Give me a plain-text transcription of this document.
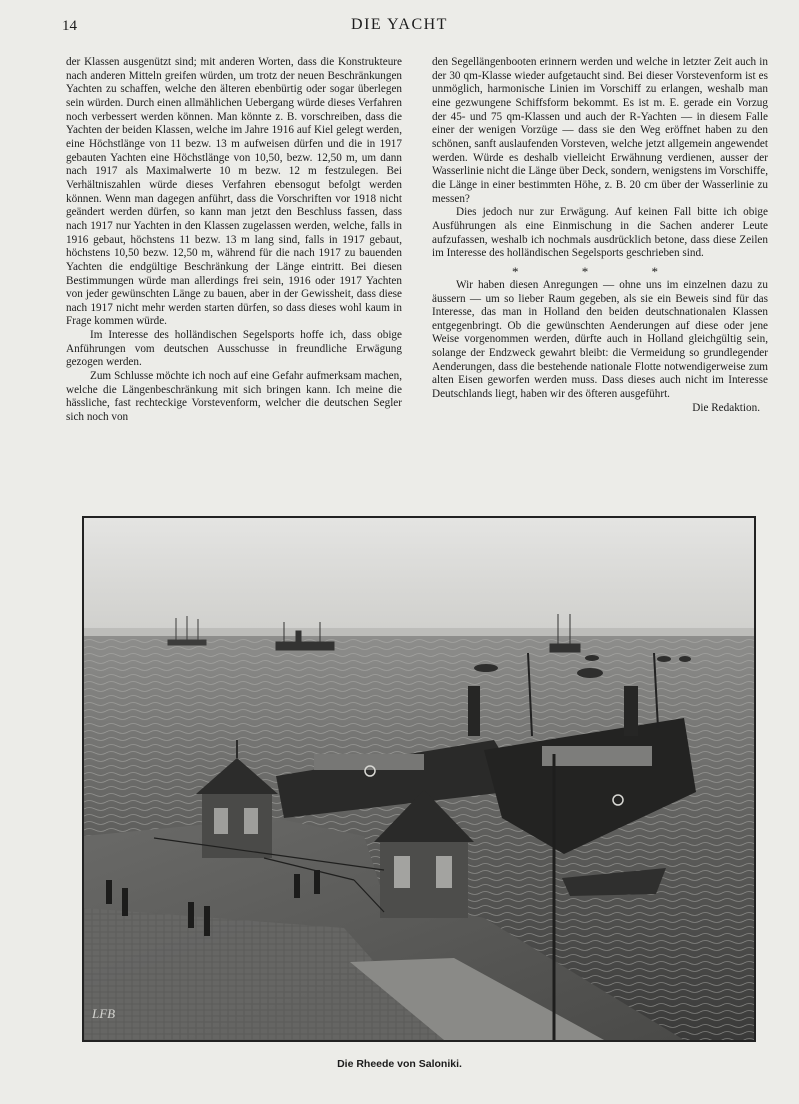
14	DIE YACHT

der Klassen ausgenützt sind; mit anderen Worten, dass die Konstrukteure nach anderen Mitteln greifen würden, um trotz der neuen Beschränkungen Yachten zu schaffen, welche den älteren ebenbürtig oder sogar überlegen sein würden. Durch einen allmählichen Uebergang würde dieses Verfahren noch verbessert werden können. Man könnte z. B. vorschreiben, dass die Yachten der beiden Klassen, welche im Jahre 1916 auf Kiel gelegt werden, eine Höchstlänge von 11 bezw. 13 m aufweisen dürfen und die in 1917 gebauten Yachten eine Höchstlänge von 10,50, bezw. 12,50 m, um dann nach 1917 als Maximalwerte 10 m bezw. 12 m festzulegen. Bei Verhältniszahlen würde dieses Verfahren ebensogut befolgt werden können. Wenn man dagegen anführt, dass die Vorschriften vor 1918 nicht geändert werden dürfen, so kann man jetzt den Beschluss fassen, dass nach 1917 nur Yachten in den Klassen zugelassen werden, welche, falls in 1916 gebaut, höchstens 11 bezw. 13 m lang sind, falls in 1917 gebaut, höchstens 10,50 bezw. 12,50 m, während für die nach 1917 zu bauenden Yachten die endgültige Beschränkung der Länge eintritt. Bei diesen Bestimmungen würde man allerdings frei sein, 1916 oder 1917 Yachten von jeder gewünschten Länge zu bauen, aber in der Gewissheit, dass diese nach 1917 nicht mehr werden starten dürfen, so dass dieses wohl kaum in Frage kommen würde.

Im Interesse des holländischen Segelsports hoffe ich, dass obige Anführungen vom deutschen Ausschusse in freundliche Erwägung gezogen werden.

Zum Schlusse möchte ich noch auf eine Gefahr aufmerksam machen, welche die Längenbeschränkung mit sich bringen kann. Ich meine die hässliche, fast rechteckige Vorstevenform, welcher die deutschen Segler sich noch von

den Segellängenbooten erinnern werden und welche in letzter Zeit auch in der 30 qm-Klasse wieder aufgetaucht sind. Bei dieser Vorstevenform ist es unmöglich, harmonische Linien im Vorschiff zu erlangen, weshalb man eine gezwungene Schiffsform bekommt. Es ist m. E. gerade ein Vorzug der 45- und 75 qm-Klassen und auch der R-Yachten — in diesem Falle einer der wenigen Vorzüge — dass sie den Weg eröffnet haben zu den schönen, sanft auslaufenden Vorsteven, welche jetzt allgemein angewendet werden. Würde es deshalb vielleicht Erwähnung verdienen, ausser der Wasserlinie nicht die Länge über Deck, sondern, wenigstens im Vorschiffe, die Länge in einer bestimmten Höhe, z. B. 20 cm über der Wasserlinie zu messen?

Dies jedoch nur zur Erwägung. Auf keinen Fall bitte ich obige Ausführungen als eine Einmischung in die Sachen anderer Leute aufzufassen, weshalb ich nochmals ausdrücklich betone, dass diese Zeilen im Interesse des holländischen Segelsports geschrieben sind.

* * *

Wir haben diesen Anregungen — ohne uns im einzelnen dazu zu äussern — um so lieber Raum gegeben, als sie ein Beweis sind für das Interesse, das man in Holland den beiden deutschnationalen Klassen entgegenbringt. Ob die gewünschten Aenderungen auf diese oder jene Weise vorgenommen werden, dürfte auch in Holland gleichgültig sein, solange der Endzweck gewahrt bleibt: die Vermeidung so grundlegender Aenderungen, dass die bestehende nationale Flotte notwendigerweise zum alten Eisen geworfen werden muss. Dass dieses auch nicht im Interesse Deutschlands liegt, haben wir des öfteren ausgeführt.

Die Redaktion.

LFB
Die Rheede von Saloniki.
